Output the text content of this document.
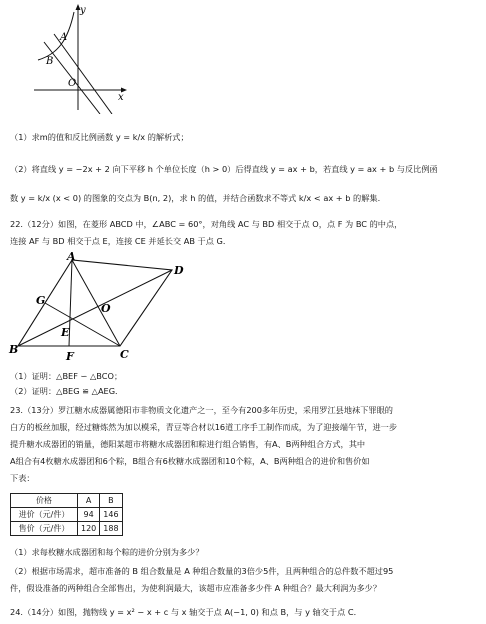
y
x
O
A
B
（1）求m的值和反比例函数 y = k/x 的解析式；
（2）将直线 y = −2x + 2 向下平移 h 个单位长度（h > 0）后得直线 y = ax + b，若直线 y = ax + b 与反比例函
数 y = k/x (x < 0) 的图象的交点为 B(n, 2)，求 h 的值，并结合函数求不等式 k/x < ax + b 的解集.
22.（12分）如图，在菱形 ABCD 中，∠ABC = 60°，对角线 AC 与 BD 相交于点 O，点 F 为 BC 的中点，
连接 AF 与 BD 相交于点 E，连接 CE 并延长交 AB 于点 G．
A
B	C
D
E
F
G
O
（1）证明：△BEF ∽ △BCO；
（2）证明：△BEG ≌ △AEG．
23.（13分）罗江糖水成器属德阳市非物质文化遗产之一，至今有200多年历史，采用罗江县地袜下罪眼的
白方的板丝加服，经过糖炼然为加以模采，青豆等合材以16道工序手工制作而成，为了迎接端午节，进一步
提升糖水成器团的销量，德阳某超市将糖水成器团和粽进行组合销售，有A、B两种组合方式，其中
A组合有4枚糖水成器团和6个粽，B组合有6枚糖水成器团和10个粽，A、B两种组合的进价和售价如
下表：
价格	A	B
进价（元/件）	94	146
售价（元/件）	120	188
（1）求每枚糖水成器团和每个粽的进价分别为多少？
（2）根据市场需求，超市准备的 B 组合数量是 A 种组合数量的3倍少5件，且两种组合的总件数不超过95
件，假设准备的两种组合全部售出，为使利润最大，该超市应准备多少件 A 种组合？最大利润为多少？
24.（14分）如图，抛物线 y = x² − x + c 与 x 轴交于点 A(−1, 0) 和点 B，与 y 轴交于点 C．
